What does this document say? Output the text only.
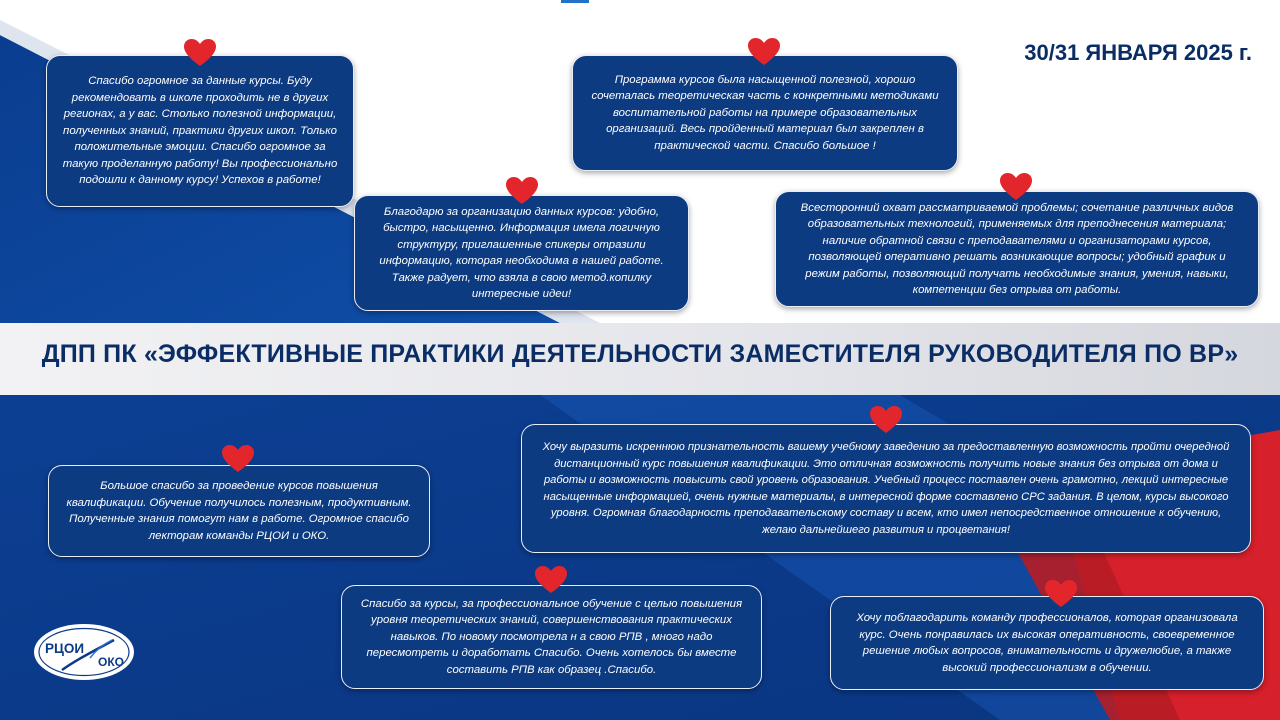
30/31 ЯНВАРЯ 2025 г.
ДПП ПК «ЭФФЕКТИВНЫЕ ПРАКТИКИ ДЕЯТЕЛЬНОСТИ ЗАМЕСТИТЕЛЯ РУКОВОДИТЕЛЯ ПО ВР»
Спасибо огромное за данные курсы. Буду рекомендовать в школе проходить не в других регионах, а у вас. Столько полезной информации, полученных знаний, практики других школ. Только положительные эмоции. Спасибо огромное за такую проделанную работу! Вы профессионально подошли к данному курсу! Успехов в работе!
Программа курсов была насыщенной полезной, хорошо сочеталась теоретическая часть с конкретными методиками воспитательной работы на примере образовательных организаций. Весь пройденный материал был закреплен в практической части. Спасибо большое !
Благодарю за организацию данных курсов: удобно, быстро, насыщенно. Информация имела логичную структуру, приглашенные спикеры отразили информацию, которая необходима в нашей работе. Также радует, что взяла в свою метод.копилку интересные идеи!
Всесторонний охват рассматриваемой проблемы; сочетание различных видов образовательных технологий, применяемых для преподнесения материала; наличие обратной связи с преподавателями и организаторами курсов, позволяющей оперативно решать возникающие вопросы; удобный график и режим работы, позволяющий получать необходимые знания, умения, навыки, компетенции без отрыва от работы.
Большое спасибо за проведение курсов повышения квалификации. Обучение получилось полезным, продуктивным. Полученные знания помогут нам в работе. Огромное спасибо лекторам команды РЦОИ и ОКО.
Хочу выразить искреннюю признательность вашему учебному заведению за предоставленную возможность пройти очередной дистанционный курс повышения квалификации. Это отличная возможность получить новые знания без отрыва от дома и работы и возможность повысить свой уровень образования. Учебный процесс поставлен очень грамотно, лекций интересные насыщенные информацией, очень нужные материалы, в интересной форме составлено СРС задания. В целом, курсы высокого уровня. Огромная благодарность преподавательскому составу и всем, кто имел непосредственное отношение к обучению, желаю дальнейшего развития и процветания!
Спасибо за курсы, за профессиональное обучение с целью повышения уровня теоретических знаний, совершенствования практических навыков. По новому посмотрела н а свою РПВ , много надо пересмотреть и доработать Спасибо. Очень хотелось бы вместе составить РПВ как образец .Спасибо.
Хочу поблагодарить команду профессионалов, которая организовала курс. Очень понравилась их высокая оперативность, своевременное решение любых вопросов, внимательность и дружелюбие, а также высокий профессионализм в обучении.
РЦОИ
ОКО
